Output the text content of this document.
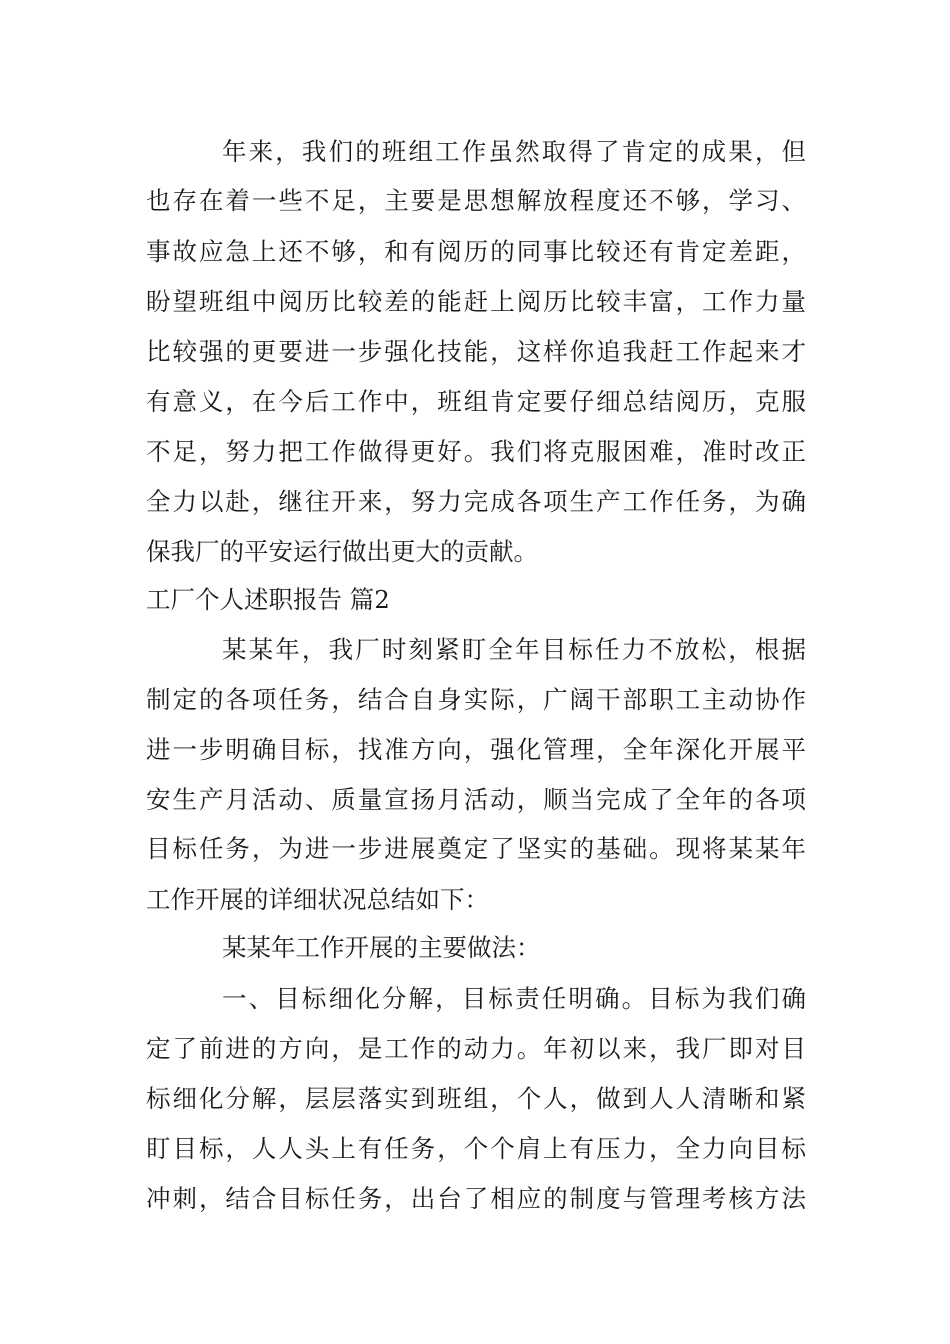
年来，我们的班组工作虽然取得了肯定的成果，但
也存在着一些不足，主要是思想解放程度还不够，学习、
事故应急上还不够，和有阅历的同事比较还有肯定差距，
盼望班组中阅历比较差的能赶上阅历比较丰富，工作力量
比较强的更要进一步强化技能，这样你追我赶工作起来才
有意义，在今后工作中，班组肯定要仔细总结阅历，克服
不足，努力把工作做得更好。我们将克服困难，准时改正
全力以赴，继往开来，努力完成各项生产工作任务，为确
保我厂的平安运行做出更大的贡献。
工厂个人述职报告 篇2
某某年，我厂时刻紧盯全年目标任力不放松，根据
制定的各项任务，结合自身实际，广阔干部职工主动协作
进一步明确目标，找准方向，强化管理，全年深化开展平
安生产月活动、质量宣扬月活动，顺当完成了全年的各项
目标任务，为进一步进展奠定了坚实的基础。现将某某年
工作开展的详细状况总结如下：
某某年工作开展的主要做法：
一、目标细化分解，目标责任明确。目标为我们确
定了前进的方向，是工作的动力。年初以来，我厂即对目
标细化分解，层层落实到班组，个人，做到人人清晰和紧
盯目标，人人头上有任务，个个肩上有压力，全力向目标
冲刺，结合目标任务，出台了相应的制度与管理考核方法
